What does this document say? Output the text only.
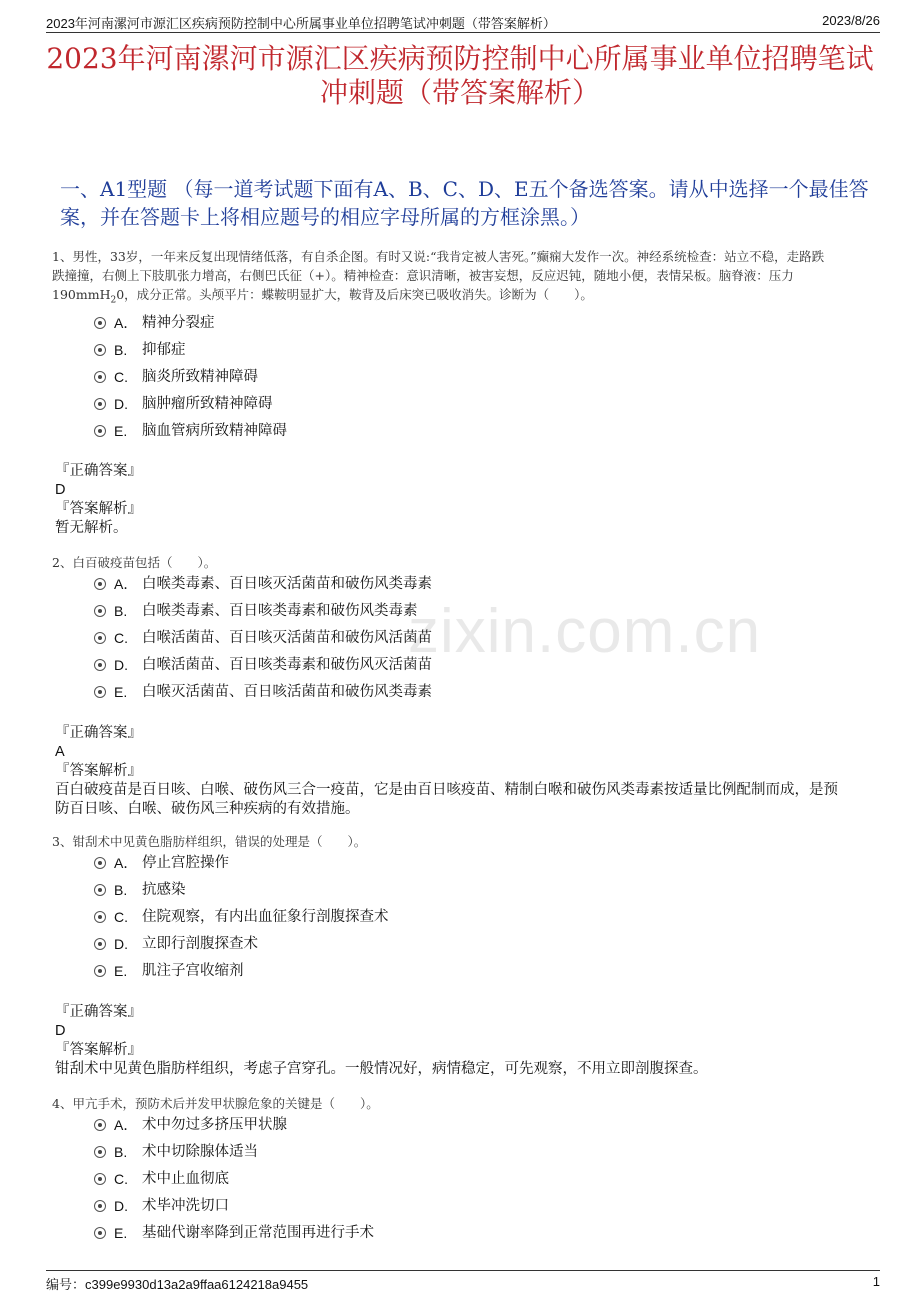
2023年河南漯河市源汇区疾病预防控制中心所属事业单位招聘笔试冲刺题（带答案解析）	2023/8/26
zixin.com.cn
2023年河南漯河市源汇区疾病预防控制中心所属事业单位招聘笔试冲刺题（带答案解析）
一、A1型题 （每一道考试题下面有A、B、C、D、E五个备选答案。请从中选择一个最佳答案，并在答题卡上将相应题号的相应字母所属的方框涂黑。）
1、男性，33岁，一年来反复出现情绪低落，有自杀企图。有时又说:“我肯定被人害死。”癫痫大发作一次。神经系统检查：站立不稳，走路跌
跌撞撞，右侧上下肢肌张力增高，右侧巴氏征（+）。精神检查：意识清晰，被害妄想，反应迟钝，随地小便，表情呆板。脑脊液：压力
190mmH$_2$0，成分正常。头颅平片：蝶鞍明显扩大，鞍背及后床突已吸收消失。诊断为（　　）。
A． 精神分裂症
B. 抑郁症
C. 脑炎所致精神障碍
D. 脑肿瘤所致精神障碍
E. 脑血管病所致精神障碍
『正确答案』
D
『答案解析』
暂无解析。
2、白百破疫苗包括（　　）。
A． 白喉类毒素、百日咳灭活菌苗和破伤风类毒素
B. 白喉类毒素、百日咳类毒素和破伤风类毒素
C. 白喉活菌苗、百日咳灭活菌苗和破伤风活菌苗
D. 白喉活菌苗、百日咳类毒素和破伤风灭活菌苗
E. 白喉灭活菌苗、百日咳活菌苗和破伤风类毒素
『正确答案』
A
『答案解析』
百白破疫苗是百日咳、白喉、破伤风三合一疫苗，它是由百日咳疫苗、精制白喉和破伤风类毒素按适量比例配制而成，是预
防百日咳、白喉、破伤风三种疾病的有效措施。
3、钳刮术中见黄色脂肪样组织，错误的处理是（　　）。
A． 停止宫腔操作
B. 抗感染
C. 住院观察，有内出血征象行剖腹探查术
D. 立即行剖腹探查术
E. 肌注子宫收缩剂
『正确答案』
D
『答案解析』
钳刮术中见黄色脂肪样组织，考虑子宫穿孔。一般情况好，病情稳定，可先观察，不用立即剖腹探查。
4、甲亢手术，预防术后并发甲状腺危象的关键是（　　）。
A． 术中勿过多挤压甲状腺
B. 术中切除腺体适当
C. 术中止血彻底
D. 术毕冲洗切口
E. 基础代谢率降到正常范围再进行手术
编号：c399e9930d13a2a9ffaa6124218a9455	1
